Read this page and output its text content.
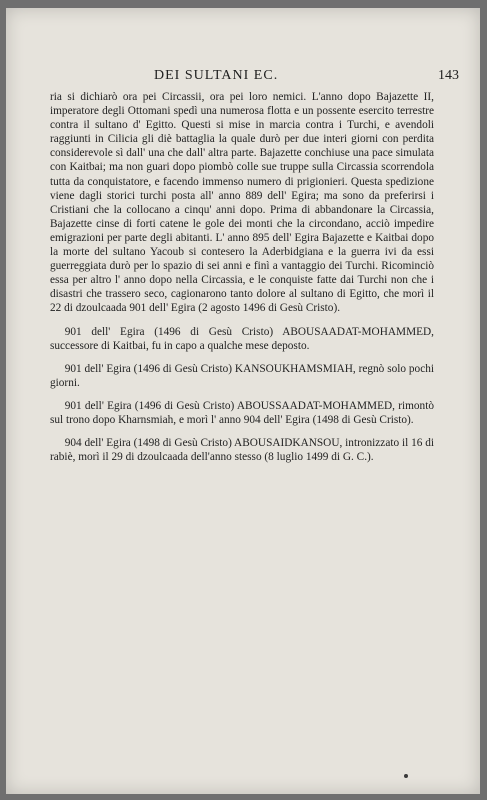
DEI SULTANI EC.	143

ria si dichiarò ora pei Circassii, ora pei loro nemici. L'anno dopo Bajazette II, imperatore degli Ottomani spedì una numerosa flotta e un possente esercito terrestre contra il sultano d' Egitto. Questi si mise in marcia contra i Turchi, e avendoli raggiunti in Cilicia gli diè battaglia la quale durò per due interi giorni con perdita considerevole sì dall' una che dall' altra parte. Bajazette conchiuse una pace simulata con Kaitbai; ma non guari dopo piombò colle sue truppe sulla Circassia scorrendola tutta da conquistatore, e facendo immenso numero di prigionieri. Questa spedizione viene dagli storici turchi posta all' anno 889 dell' Egira; ma sono da preferirsi i Cristiani che la collocano a cinqu' anni dopo. Prima di abbandonare la Circassia, Bajazette cinse di forti catene le gole dei monti che la circondano, acciò impedire emigrazioni per parte degli abitanti. L' anno 895 dell' Egira Bajazette e Kaitbai dopo la morte del sultano Yacoub si contesero la Aderbidgiana e la guerra ivi da essi guerreggiata durò per lo spazio di sei anni e finì a vantaggio dei Turchi. Ricominciò essa per altro l' anno dopo nella Circassia, e le conquiste fatte dai Turchi non che i disastri che trassero seco, cagionarono tanto dolore al sultano di Egitto, che morì il 22 di dzoulcaada 901 dell' Egira (2 agosto 1496 di Gesù Cristo).

901 dell' Egira (1496 di Gesù Cristo) ABOUSAADAT-MOHAMMED, successore di Kaitbai, fu in capo a qualche mese deposto.

901 dell' Egira (1496 di Gesù Cristo) KANSOUKHAMSMIAH, regnò solo pochi giorni.

901 dell' Egira (1496 di Gesù Cristo) ABOUSSAADAT-MOHAMMED, rimontò sul trono dopo Kharnsmiah, e morì l' anno 904 dell' Egira (1498 di Gesù Cristo).

904 dell' Egira (1498 di Gesù Cristo) ABOUSAIDKANSOU, intronizzato il 16 di rabiè, morì il 29 di dzoulcaada dell'anno stesso (8 luglio 1499 di G. C.).
